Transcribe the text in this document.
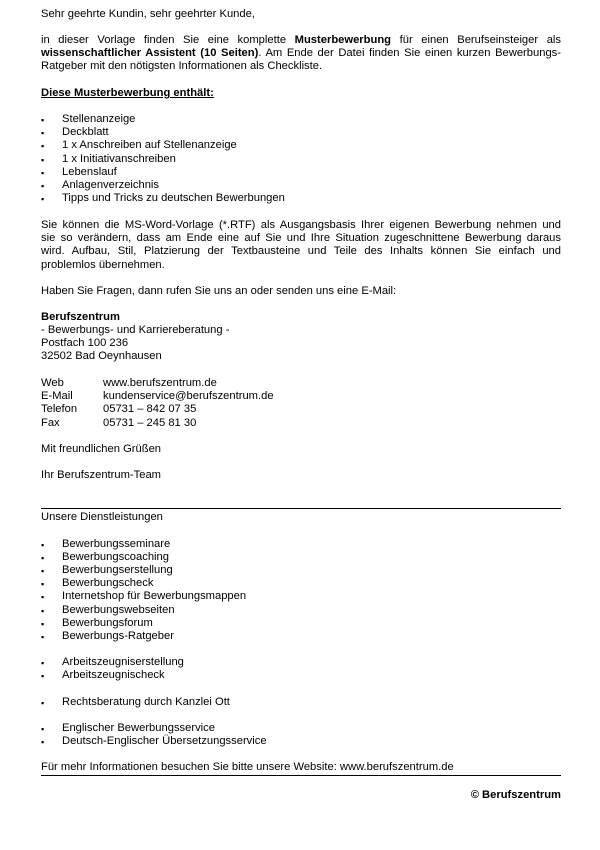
Sehr geehrte Kundin, sehr geehrter Kunde,
in dieser Vorlage finden Sie eine komplette Musterbewerbung für einen Berufseinsteiger als
wissenschaftlicher Assistent (10 Seiten). Am Ende der Datei finden Sie einen kurzen Bewerbungs-
Ratgeber mit den nötigsten Informationen als Checkliste.
Diese Musterbewerbung enthält:
▪	Stellenanzeige
▪	Deckblatt
▪	1 x Anschreiben auf Stellenanzeige
▪	1 x Initiativanschreiben
▪	Lebenslauf
▪	Anlagenverzeichnis
▪	Tipps und Tricks zu deutschen Bewerbungen
Sie können die MS-Word-Vorlage (*.RTF) als Ausgangsbasis Ihrer eigenen Bewerbung nehmen und
sie so verändern, dass am Ende eine auf Sie und Ihre Situation zugeschnittene Bewerbung daraus
wird. Aufbau, Stil, Platzierung der Textbausteine und Teile des Inhalts können Sie einfach und
problemlos übernehmen.
Haben Sie Fragen, dann rufen Sie uns an oder senden uns eine E-Mail:
Berufszentrum
- Bewerbungs- und Karriereberatung -
Postfach 100 236
32502 Bad Oeynhausen
Web	www.berufszentrum.de
E-Mail	kundenservice@berufszentrum.de
Telefon 05731 – 842 07 35
Fax	05731 – 245 81 30
Mit freundlichen Grüßen
Ihr Berufszentrum-Team
Unsere Dienstleistungen
▪	Bewerbungsseminare
▪	Bewerbungscoaching
▪	Bewerbungserstellung
▪	Bewerbungscheck
▪	Internetshop für Bewerbungsmappen
▪	Bewerbungswebseiten
▪	Bewerbungsforum
▪	Bewerbungs-Ratgeber
▪	Arbeitszeugniserstellung
▪	Arbeitszeugnischeck
▪	Rechtsberatung durch Kanzlei Ott
▪	Englischer Bewerbungsservice
▪	Deutsch-Englischer Übersetzungsservice
Für mehr Informationen besuchen Sie bitte unsere Website: www.berufszentrum.de
© Berufszentrum
